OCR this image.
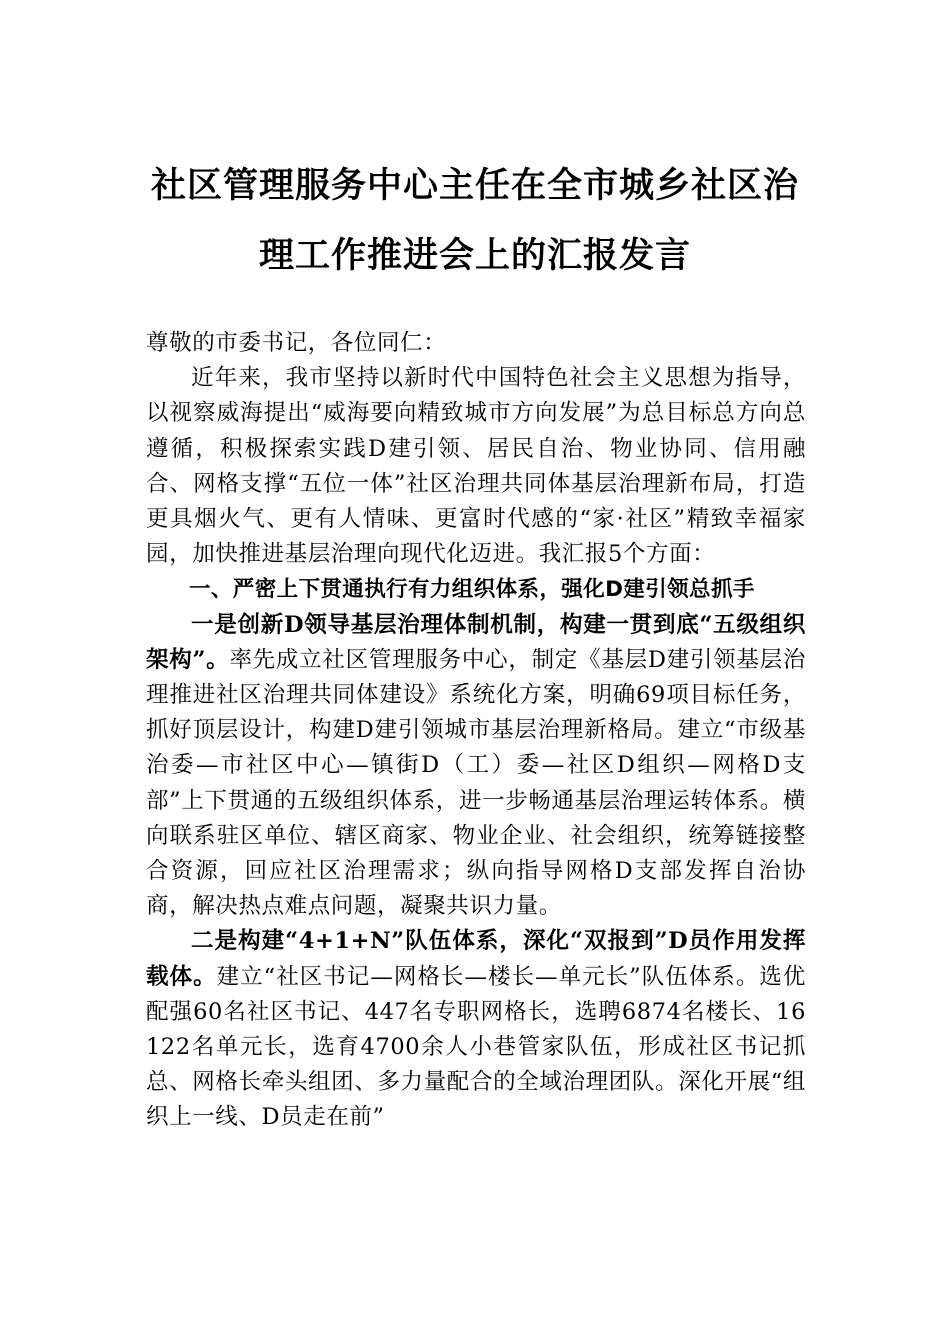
社区管理服务中心主任在全市城乡社区治
理工作推进会上的汇报发言

尊敬的市委书记，各位同仁：

近年来，我市坚持以新时代中国特色社会主义思想为指导，以视察威海提出“威海要向精致城市方向发展”为总目标总方向总遵循，积极探索实践D建引领、居民自治、物业协同、信用融合、网格支撑“五位一体”社区治理共同体基层治理新布局，打造更具烟火气、更有人情味、更富时代感的“家·社区”精致幸福家园，加快推进基层治理向现代化迈进。我汇报5个方面：

一、严密上下贯通执行有力组织体系，强化D建引领总抓手

一是创新D领导基层治理体制机制，构建一贯到底“五级组织架构”。率先成立社区管理服务中心，制定《基层D建引领基层治理推进社区治理共同体建设》系统化方案，明确69项目标任务，抓好顶层设计，构建D建引领城市基层治理新格局。建立“市级基治委—市社区中心—镇街D（工）委—社区D组织—网格D支部”上下贯通的五级组织体系，进一步畅通基层治理运转体系。横向联系驻区单位、辖区商家、物业企业、社会组织，统筹链接整合资源，回应社区治理需求；纵向指导网格D支部发挥自治协商，解决热点难点问题，凝聚共识力量。

二是构建“4+1+N”队伍体系，深化“双报到”D员作用发挥载体。建立“社区书记—网格长—楼长—单元长”队伍体系。选优配强60名社区书记、447名专职网格长，选聘6874名楼长、16122名单元长，选育4700余人小巷管家队伍，形成社区书记抓总、网格长牵头组团、多力量配合的全域治理团队。深化开展“组织上一线、D员走在前”
